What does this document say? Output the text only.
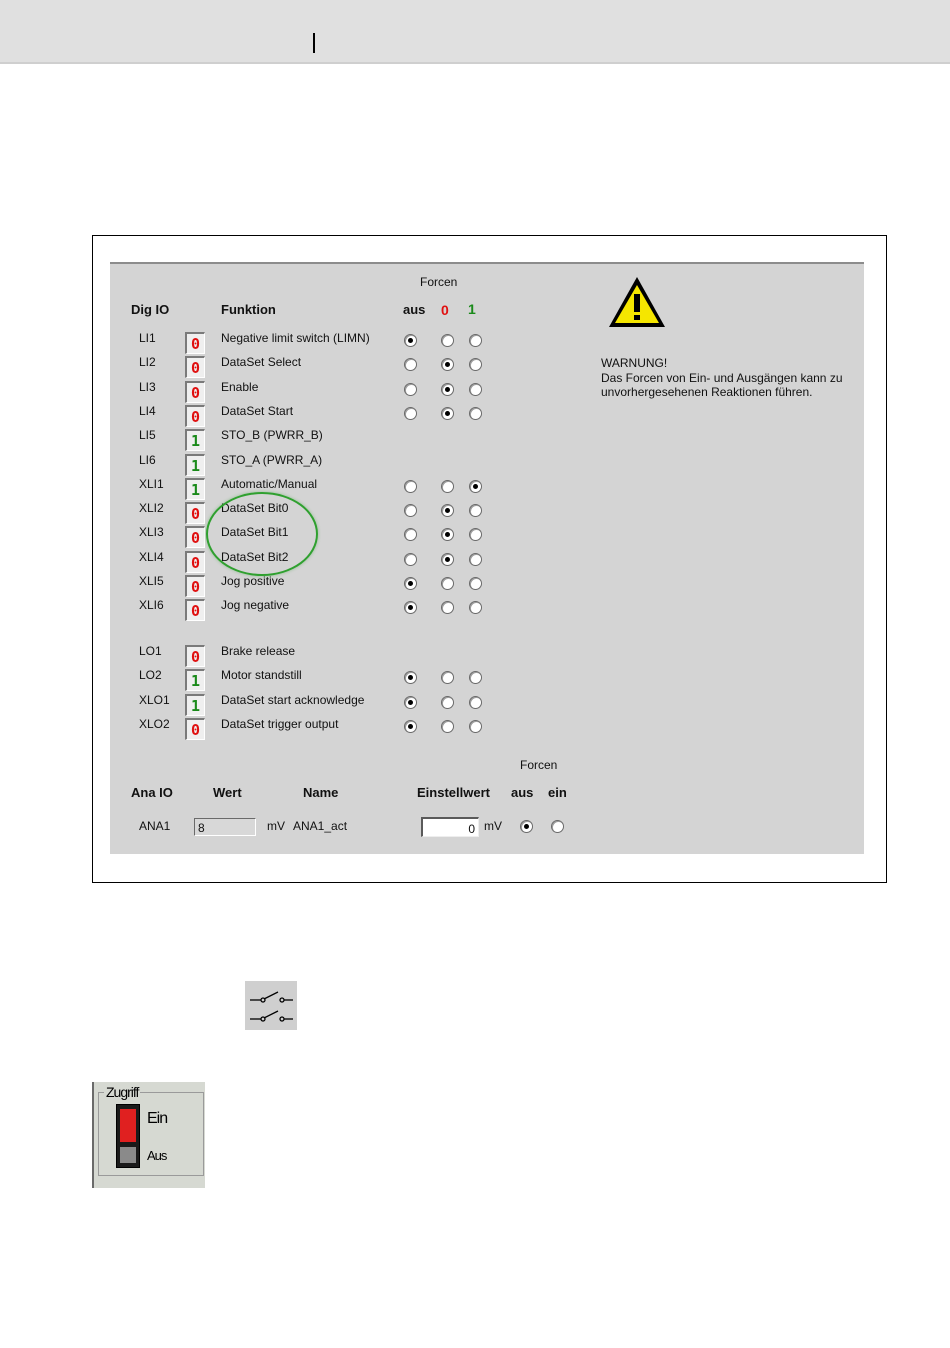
Forcen
Dig IO	Funktion	aus 0 1
WARNUNG!
Das Forcen von Ein- und Ausgängen kann zu
unvorhergesehenen Reaktionen führen.
LI1	0	Negative limit switch (LIMN)
LI2	0	DataSet Select
LI3	0	Enable
LI4	0	DataSet Start
LI5	1	STO_B (PWRR_B)
LI6	1	STO_A (PWRR_A)
XLI1	1	Automatic/Manual
XLI2	0	DataSet Bit0
XLI3	0	DataSet Bit1
XLI4	0	DataSet Bit2
XLI5	0	Jog positive
XLI6	0	Jog negative
LO1	0	Brake release
LO2	1	Motor standstill
XLO1	1	DataSet start acknowledge
XLO2	0	DataSet trigger output
Forcen
Ana IO	Wert	Name	Einstellwert aus ein
ANA1	8	mV ANA1_act	0 mV
Zugriff
Ein
Aus
